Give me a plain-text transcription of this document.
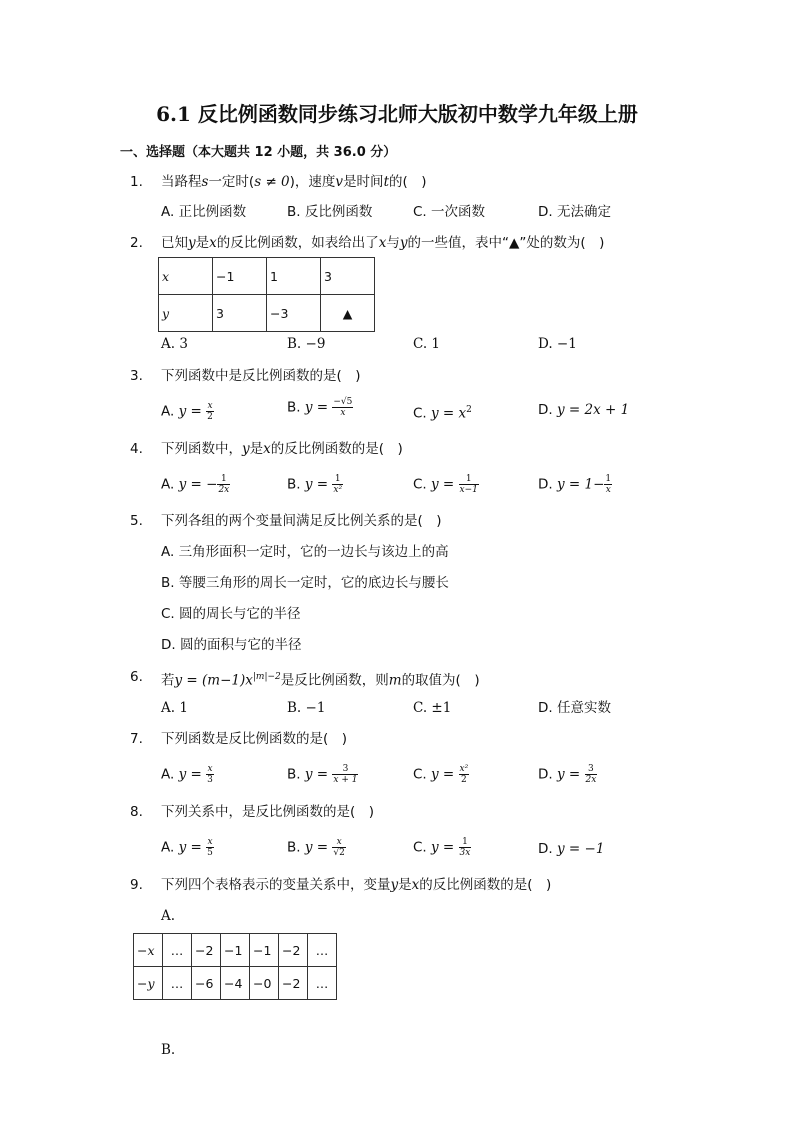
6.1 反比例函数同步练习北师大版初中数学九年级上册
一、选择题（本大题共 12 小题，共 36.0 分）
1. 当路程s一定时(s ≠ 0)，速度v是时间t的(　)
A. 正比例函数	B. 反比例函数	C. 一次函数	D. 无法确定
2. 已知y是x的反比例函数，如表给出了x与y的一些值，表中“▲”处的数为(　)
x	−1	1	3
y	3	−3	▲
A. 3	B. −9	C. 1	D. −1
3. 下列函数中是反比例函数的是(　)
A. $y = \frac{x}{2}$	B. $y = \frac{-√5}{x}$	C. $y = x^2$	D. y = 2x + 1
4. 下列函数中，y是x的反比例函数的是(　)
A. y = − $\frac{1}{2x}$	B. $y = \frac{1}{\text{x²}}$	C. $y = \frac{1}{x-1}$	D. $y = 1- \frac{1}{x}$
5. 下列各组的两个变量间满足反比例关系的是(　)
A. 三角形面积一定时，它的一边长与该边上的高
B. 等腰三角形的周长一定时，它的底边长与腰长
C. 圆的周长与它的半径
D. 圆的面积与它的半径
6. 若$y = (m-1)x^{|m|-2}$是反比例函数，则m的取值为(　)
A. 1	B. −1	C. ±1	D. 任意实数
7. 下列函数是反比例函数的是(　)
A. $y = \frac{x}{3}$	B. $y = \frac{3}{x + 1}$	C. $y = \frac{\text{x²}}{2}$	D. $y = \frac{3}{2x}$
8. 下列关系中，是反比例函数的是(　)
A. $y = \frac{x}{5}$	B. $y = \frac{x}{√2}$	C. $y = \frac{1}{3x}$	D. y = −1
9. 下列四个表格表示的变量关系中，变量y是x的反比例函数的是(　)
A.
−x	…	−2	−1	−1	−2	…
−y	…	−6	−4	−0	−2	…
B.
